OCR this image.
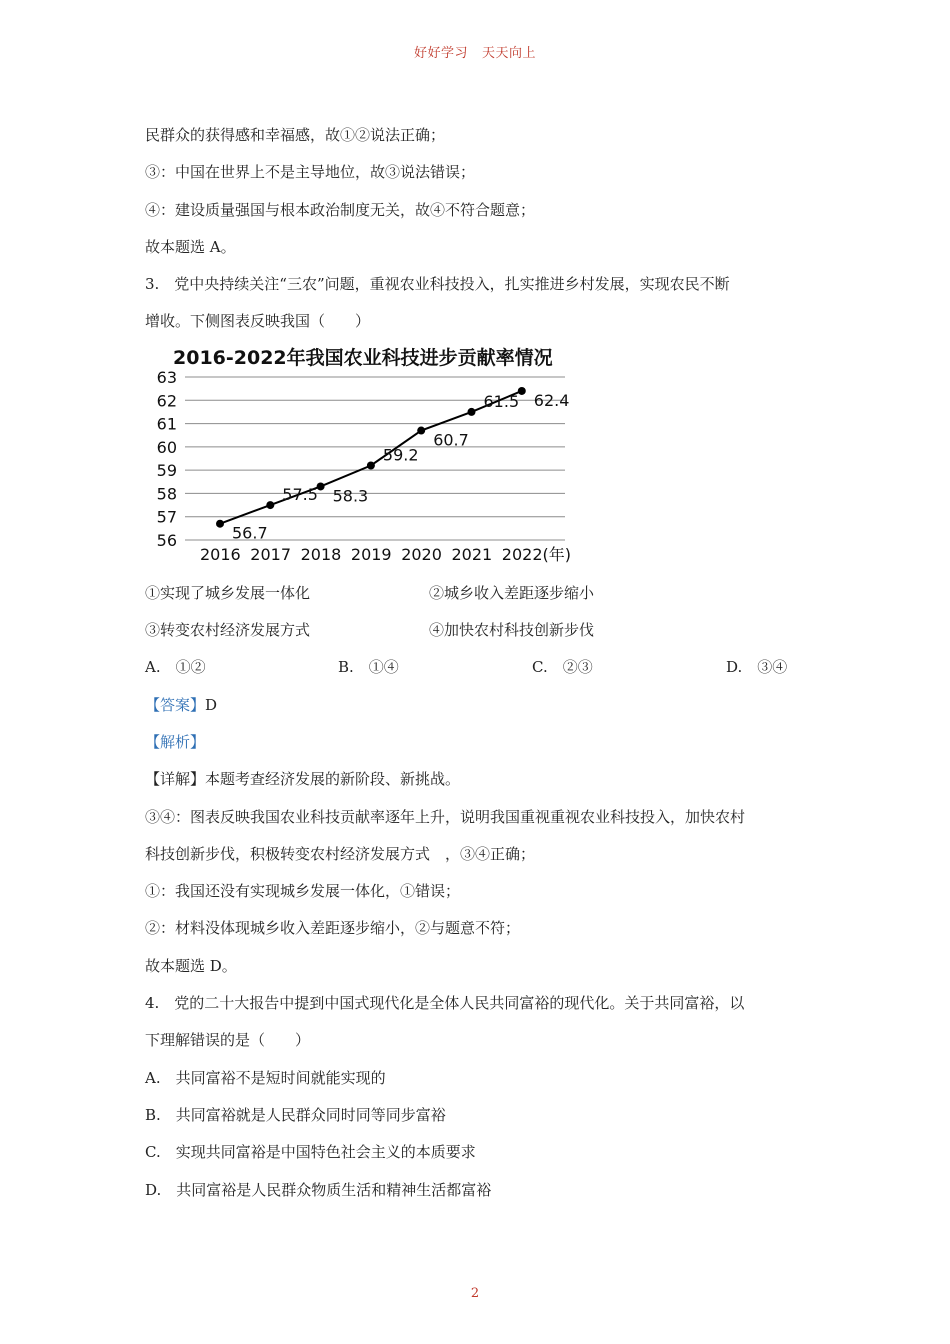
好好学习 天天向上
民群众的获得感和幸福感，故①②说法正确；
③：中国在世界上不是主导地位，故③说法错误；
④：建设质量强国与根本政治制度无关，故④不符合题意；
故本题选 A。
3.　党中央持续关注“三农”问题，重视农业科技投入，扎实推进乡村发展，实现农民不断
增收。下侧图表反映我国（　　）
2016-2022年我国农业科技进步贡献率情况
56
57
58
59
60
61
62
63
2016 2017 2018 2019 2020 2021 2022(年)
56.7
57.5 58.3
59.2
60.7
61.5 62.4
①实现了城乡发展一体化	②城乡收入差距逐步缩小
③转变农村经济发展方式	④加快农村科技创新步伐
A.　①②	B.　①④	C.　②③	D.　③④
【答案】D
【解析】
【详解】本题考查经济发展的新阶段、新挑战。
③④：图表反映我国农业科技贡献率逐年上升，说明我国重视重视农业科技投入，加快农村
科技创新步伐，积极转变农村经济发展方式　，③④正确；
①：我国还没有实现城乡发展一体化，①错误；
②：材料没体现城乡收入差距逐步缩小，②与题意不符；
故本题选 D。
4.　党的二十大报告中提到中国式现代化是全体人民共同富裕的现代化。关于共同富裕，以
下理解错误的是（　　）
A.　共同富裕不是短时间就能实现的
B.　共同富裕就是人民群众同时同等同步富裕
C.　实现共同富裕是中国特色社会主义的本质要求
D.　共同富裕是人民群众物质生活和精神生活都富裕
2
